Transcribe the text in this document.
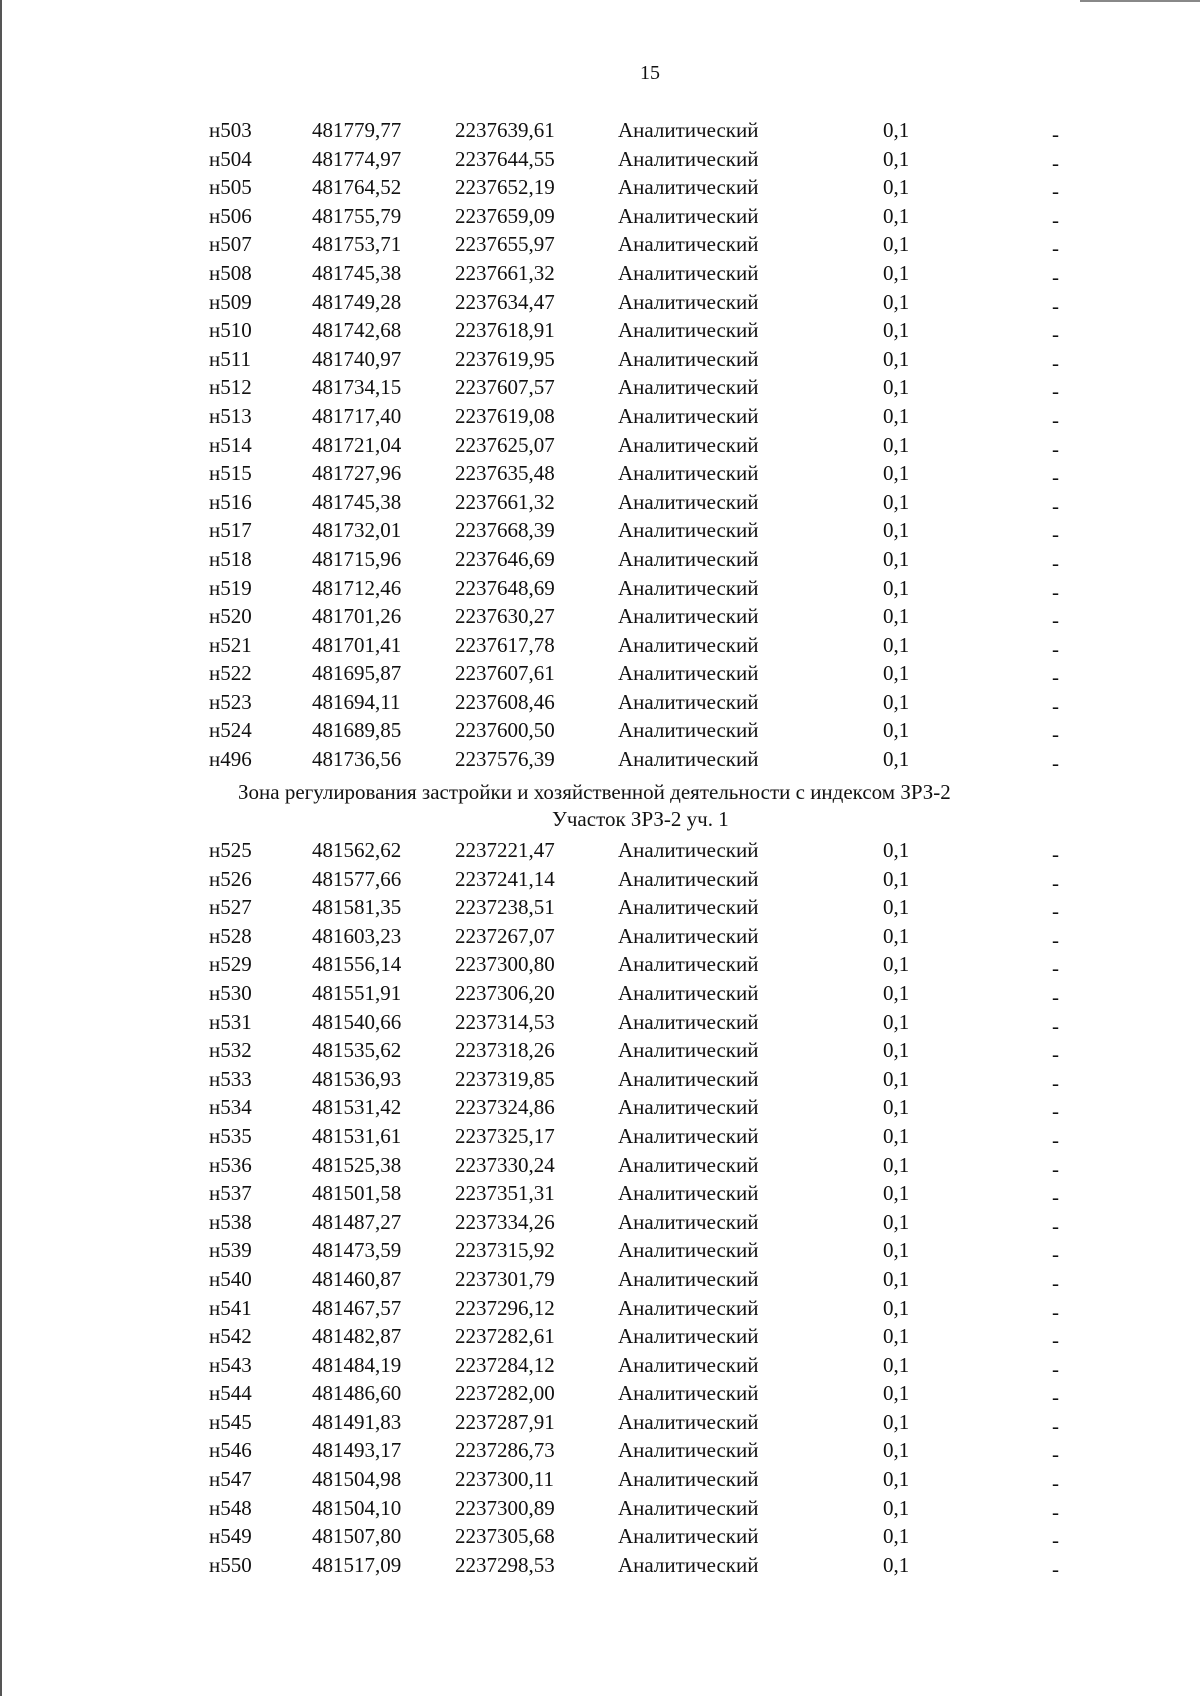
15
н503	481779,77	2237639,61	Аналитический	0,1	-
н504	481774,97	2237644,55	Аналитический	0,1	-
н505	481764,52	2237652,19	Аналитический	0,1	-
н506	481755,79	2237659,09	Аналитический	0,1	-
н507	481753,71	2237655,97	Аналитический	0,1	-
н508	481745,38	2237661,32	Аналитический	0,1	-
н509	481749,28	2237634,47	Аналитический	0,1	-
н510	481742,68	2237618,91	Аналитический	0,1	-
н511	481740,97	2237619,95	Аналитический	0,1	-
н512	481734,15	2237607,57	Аналитический	0,1	-
н513	481717,40	2237619,08	Аналитический	0,1	-
н514	481721,04	2237625,07	Аналитический	0,1	-
н515	481727,96	2237635,48	Аналитический	0,1	-
н516	481745,38	2237661,32	Аналитический	0,1	-
н517	481732,01	2237668,39	Аналитический	0,1	-
н518	481715,96	2237646,69	Аналитический	0,1	-
н519	481712,46	2237648,69	Аналитический	0,1	-
н520	481701,26	2237630,27	Аналитический	0,1	-
н521	481701,41	2237617,78	Аналитический	0,1	-
н522	481695,87	2237607,61	Аналитический	0,1	-
н523	481694,11	2237608,46	Аналитический	0,1	-
н524	481689,85	2237600,50	Аналитический	0,1	-
н496	481736,56	2237576,39	Аналитический	0,1	-
Зона регулирования застройки и хозяйственной деятельности с индексом ЗРЗ-2
Участок ЗРЗ-2 уч. 1
н525	481562,62	2237221,47	Аналитический	0,1	-
н526	481577,66	2237241,14	Аналитический	0,1	-
н527	481581,35	2237238,51	Аналитический	0,1	-
н528	481603,23	2237267,07	Аналитический	0,1	-
н529	481556,14	2237300,80	Аналитический	0,1	-
н530	481551,91	2237306,20	Аналитический	0,1	-
н531	481540,66	2237314,53	Аналитический	0,1	-
н532	481535,62	2237318,26	Аналитический	0,1	-
н533	481536,93	2237319,85	Аналитический	0,1	-
н534	481531,42	2237324,86	Аналитический	0,1	-
н535	481531,61	2237325,17	Аналитический	0,1	-
н536	481525,38	2237330,24	Аналитический	0,1	-
н537	481501,58	2237351,31	Аналитический	0,1	-
н538	481487,27	2237334,26	Аналитический	0,1	-
н539	481473,59	2237315,92	Аналитический	0,1	-
н540	481460,87	2237301,79	Аналитический	0,1	-
н541	481467,57	2237296,12	Аналитический	0,1	-
н542	481482,87	2237282,61	Аналитический	0,1	-
н543	481484,19	2237284,12	Аналитический	0,1	-
н544	481486,60	2237282,00	Аналитический	0,1	-
н545	481491,83	2237287,91	Аналитический	0,1	-
н546	481493,17	2237286,73	Аналитический	0,1	-
н547	481504,98	2237300,11	Аналитический	0,1	-
н548	481504,10	2237300,89	Аналитический	0,1	-
н549	481507,80	2237305,68	Аналитический	0,1	-
н550	481517,09	2237298,53	Аналитический	0,1	-
